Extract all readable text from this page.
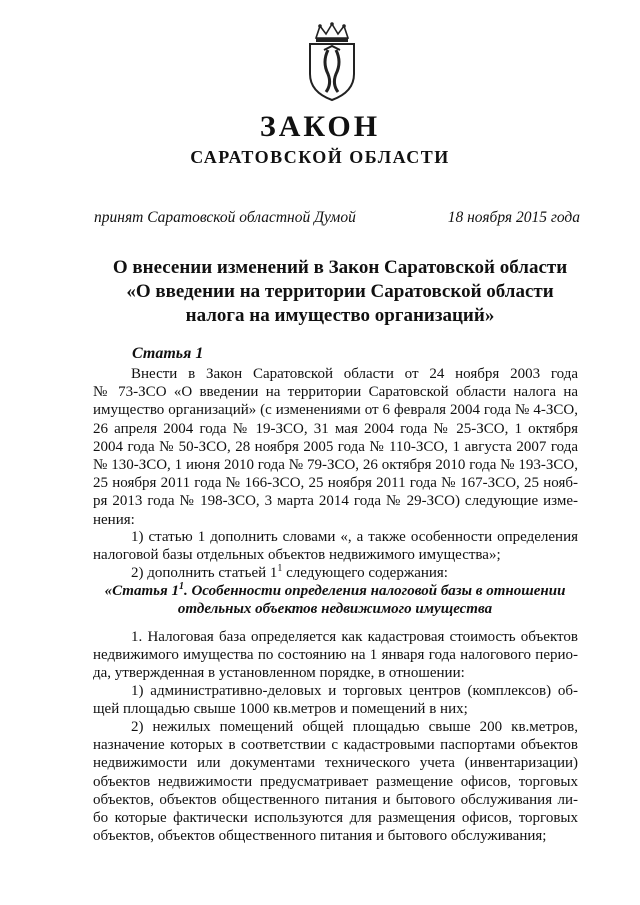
ЗАКОН
САРАТОВСКОЙ ОБЛАСТИ
принят Саратовской областной Думой	18 ноября 2015 года
О внесении изменений в Закон Саратовской области
«О введении на территории Саратовской области
налога на имущество организаций»
Статья 1
Внести в Закон Саратовской области от 24 ноября 2003 года
№ 73-ЗСО «О введении на территории Саратовской области налога на
имущество организаций» (с изменениями от 6 февраля 2004 года № 4-ЗСО,
26 апреля 2004 года № 19-ЗСО, 31 мая 2004 года № 25-ЗСО, 1 октября
2004 года № 50-ЗСО, 28 ноября 2005 года № 110-ЗСО, 1 августа 2007 года
№ 130-ЗСО, 1 июня 2010 года № 79-ЗСО, 26 октября 2010 года № 193-ЗСО,
25 ноября 2011 года № 166-ЗСО, 25 ноября 2011 года № 167-ЗСО, 25 нояб-
ря 2013 года № 198-ЗСО, 3 марта 2014 года № 29-ЗСО) следующие изме-
нения:
1) статью 1 дополнить словами «, а также особенности определения
налоговой базы отдельных объектов недвижимого имущества»;
2) дополнить статьей $1^1$ следующего содержания:
«Статья $1^1$. Особенности определения налоговой базы в отношении
отдельных объектов недвижимого имущества
1. Налоговая база определяется как кадастровая стоимость объектов
недвижимого имущества по состоянию на 1 января года налогового перио-
да, утвержденная в установленном порядке, в отношении:
1) административно-деловых и торговых центров (комплексов) об-
щей площадью свыше 1000 кв.метров и помещений в них;
2) нежилых помещений общей площадью свыше 200 кв.метров,
назначение которых в соответствии с кадастровыми паспортами объектов
недвижимости или документами технического учета (инвентаризации)
объектов недвижимости предусматривает размещение офисов, торговых
объектов, объектов общественного питания и бытового обслуживания ли-
бо которые фактически используются для размещения офисов, торговых
объектов, объектов общественного питания и бытового обслуживания;
